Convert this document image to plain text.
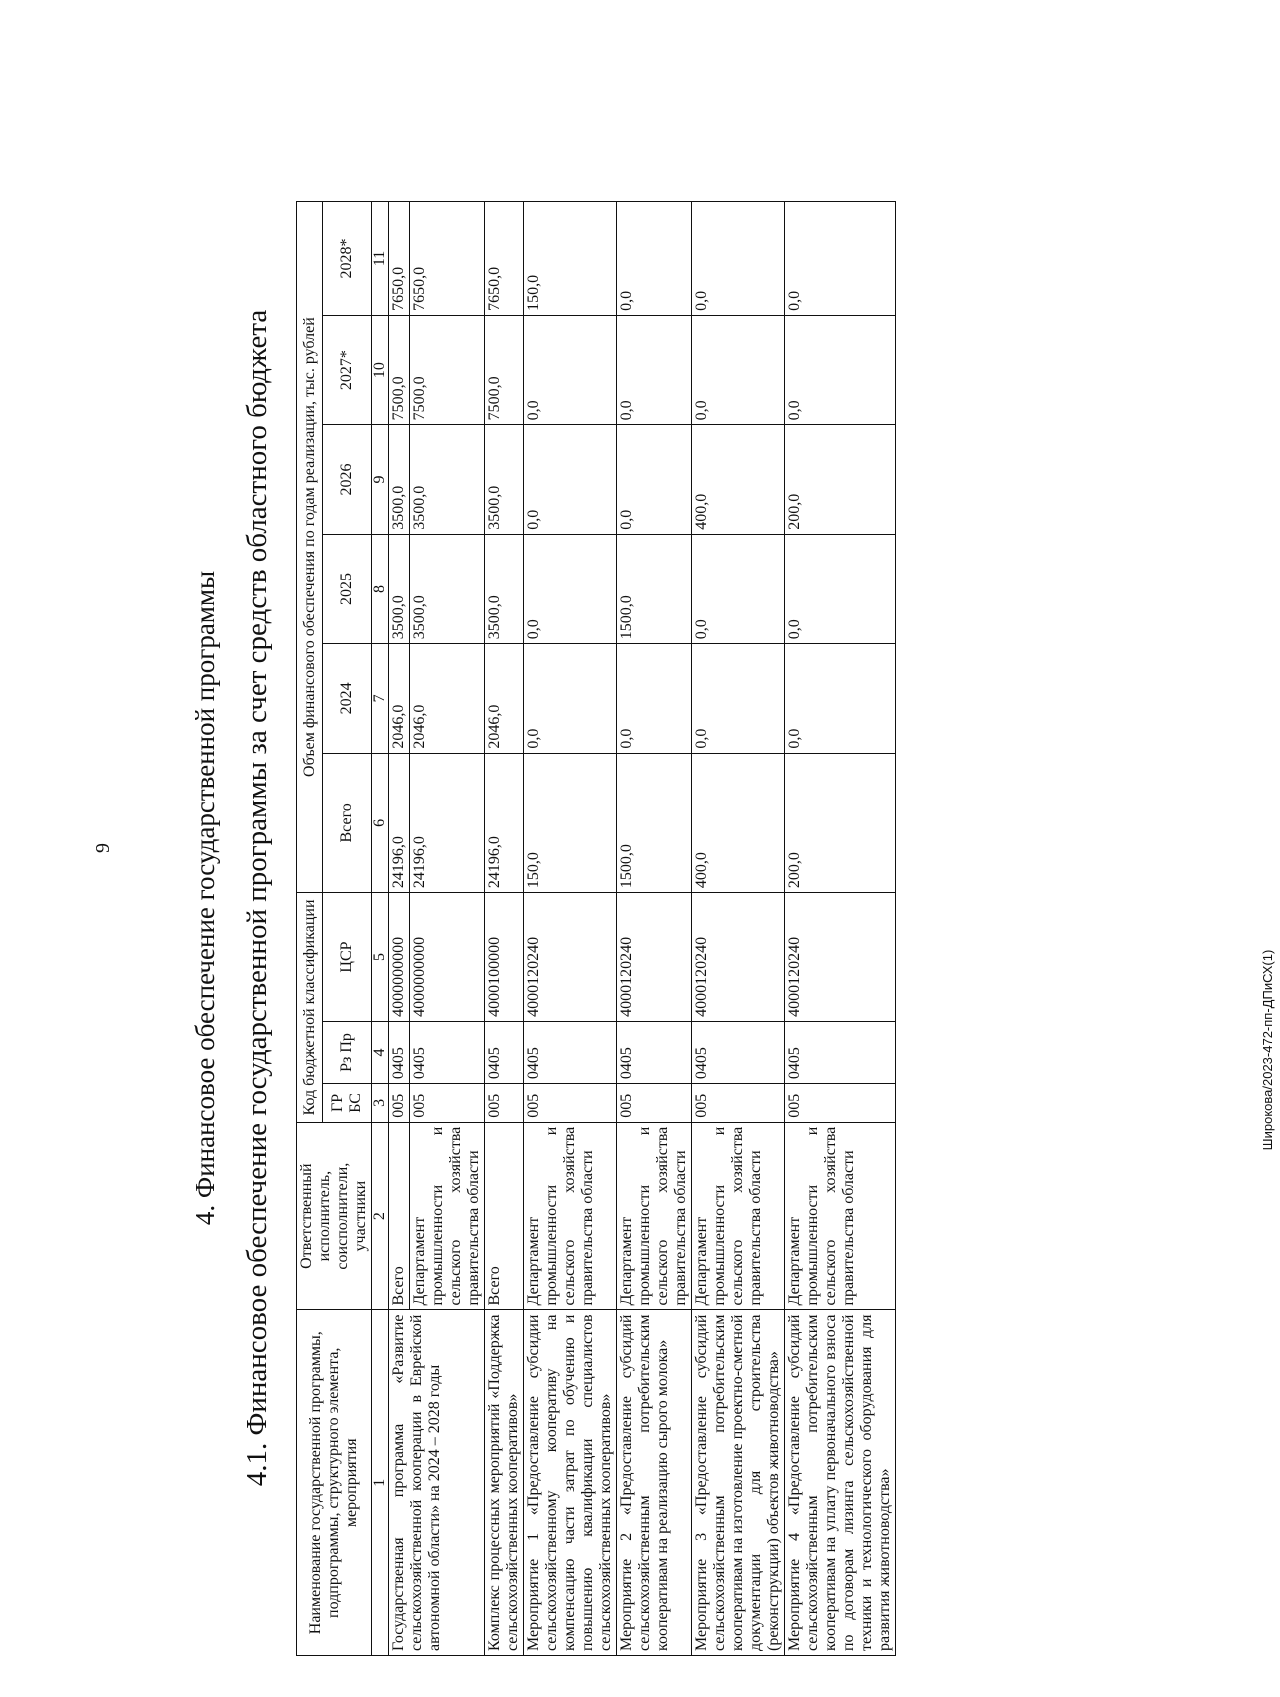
9	4. Финансовое обеспечение государственной программы 4.1. Финансовое обеспечение государственной программы за счет средств областного бюджета	Наименование государственной программы, подпрограммы, структурного элемента, мероприятия	Ответственный исполнитель, соисполнители, участники	Код бюджетной классификации			Объем финансового обеспечения по годам реализации, тыс. рублей					
		ГР БС	Рз Пр	ЦСР	Всего	2024	2025	2026	2027*	2028*
1	2	3	4	5	6	7	8	9	10	11
Государственная программа «Развитие сельскохозяйственной кооперации в Еврейской автономной области» на 2024 – 2028 годы	Всего	005	0405	4000000000	24196,0	2046,0	3500,0	3500,0	7500,0	7650,0
	Департамент промышленности и сельского хозяйства правительства области	005	0405	4000000000	24196,0	2046,0	3500,0	3500,0	7500,0	7650,0
Комплекс процессных мероприятий «Поддержка сельскохозяйственных кооперативов»	Всего	005	0405	4000100000	24196,0	2046,0	3500,0	3500,0	7500,0	7650,0
Мероприятие 1 «Предоставление субсидии сельскохозяйственному кооперативу на компенсацию части затрат по обучению и повышению квалификации специалистов сельскохозяйственных кооперативов»	Департамент промышленности и сельского хозяйства правительства области	005	0405	4000120240	150,0	0,0	0,0	0,0	0,0	150,0
Мероприятие 2 «Предоставление субсидий сельскохозяйственным потребительским кооперативам на реализацию сырого молока»	Департамент промышленности и сельского хозяйства правительства области	005	0405	4000120240	1500,0	0,0	1500,0	0,0	0,0	0,0
Мероприятие 3 «Предоставление субсидий сельскохозяйственным потребительским кооперативам на изготовление проектно-сметной документации для строительства (реконструкции) объектов животноводства»	Департамент промышленности и сельского хозяйства правительства области	005	0405	4000120240	400,0	0,0	0,0	400,0	0,0	0,0
Мероприятие 4 «Предоставление субсидий сельскохозяйственным потребительским кооперативам на уплату первоначального взноса по договорам лизинга сельскохозяйственной техники и технологического оборудования для развития животноводства»	Департамент промышленности и сельского хозяйства правительства области	005	0405	4000120240	200,0	0,0	0,0	200,0	0,0	0,0
Широкова/2023-472-пп-ДПиСХ(1)
